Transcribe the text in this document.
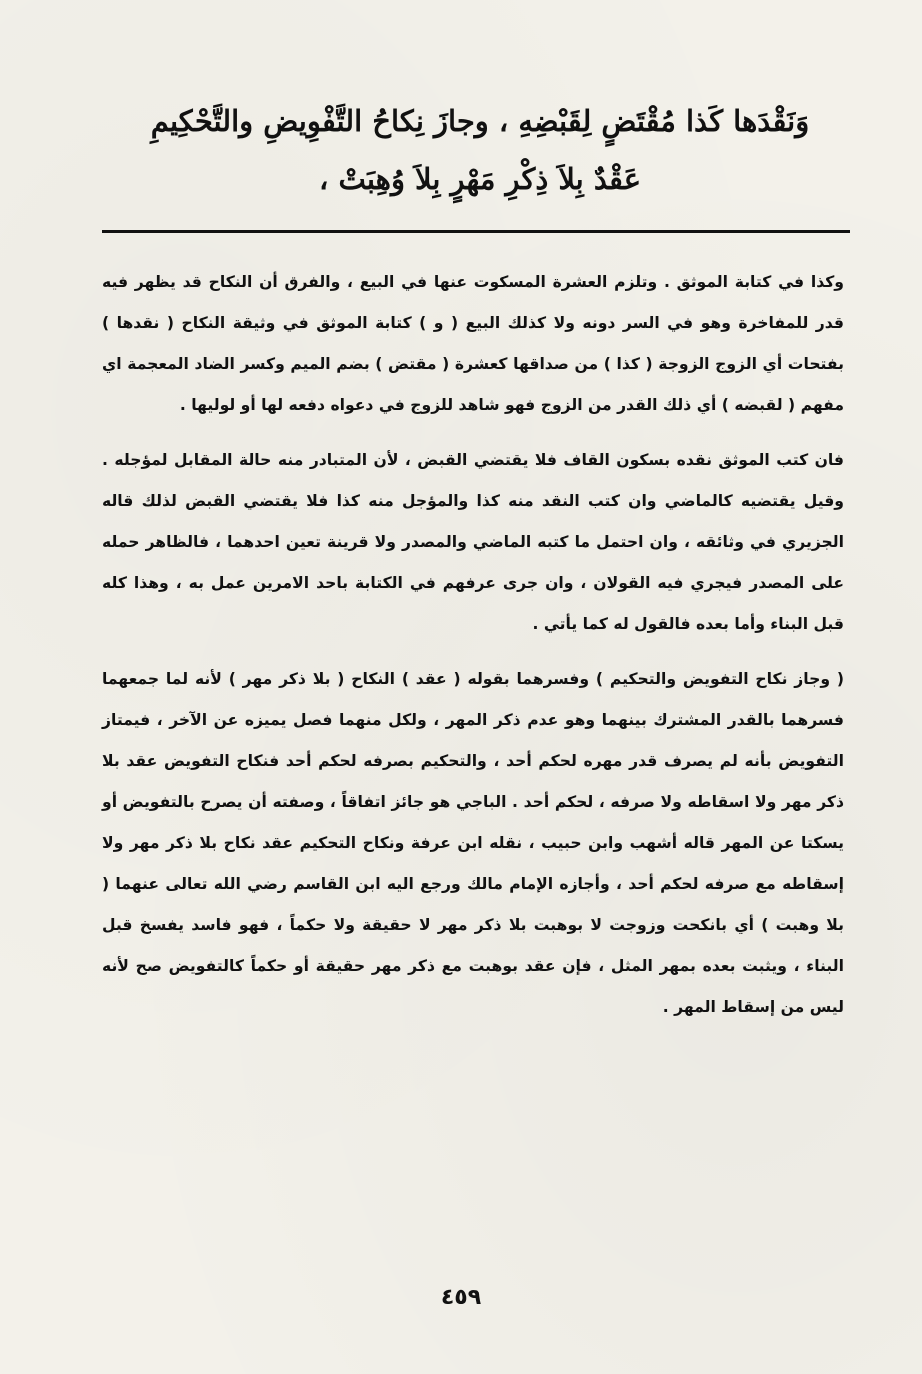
وَنَقْدَها كَذا مُقْتَضٍ لِقَبْضِهِ ، وجازَ نِكاحُ التَّفْوِيضِ والتَّحْكِيمِ
عَقْدٌ بِلاَ ذِكْرِ مَهْرٍ بِلاَ وُهِبَتْ ،

وكذا في كتابة الموثق . وتلزم العشرة المسكوت عنها في البيع ، والفرق أن النكاح قد يظهر فيه قدر للمفاخرة وهو في السر دونه ولا كذلك البيع ( و ) كتابة الموثق في وثيقة النكاح ( نقدها ) بفتحات أي الزوج الزوجة ( كذا ) من صداقها كعشرة ( مقتض ) بضم الميم وكسر الضاد المعجمة اي مفهم ( لقبضه ) أي ذلك القدر من الزوج فهو شاهد للزوج في دعواه دفعه لها أو لوليها .

فان كتب الموثق نقده بسكون القاف فلا يقتضي القبض ، لأن المتبادر منه حالة المقابل لمؤجله . وقيل يقتضيه كالماضي وان كتب النقد منه كذا والمؤجل منه كذا فلا يقتضي القبض لذلك قاله الجزيري في وثائقه ، وان احتمل ما كتبه الماضي والمصدر ولا قرينة تعين احدهما ، فالظاهر حمله على المصدر فيجري فيه القولان ، وان جرى عرفهم في الكتابة باحد الامرين عمل به ، وهذا كله قبل البناء وأما بعده فالقول له كما يأتي .

( وجاز نكاح التفويض والتحكيم ) وفسرهما بقوله ( عقد ) النكاح ( بلا ذكر مهر ) لأنه لما جمعهما فسرهما بالقدر المشترك بينهما وهو عدم ذكر المهر ، ولكل منهما فصل يميزه عن الآخر ، فيمتاز التفويض بأنه لم يصرف قدر مهره لحكم أحد ، والتحكيم بصرفه لحكم أحد فنكاح التفويض عقد بلا ذكر مهر ولا اسقاطه ولا صرفه ، لحكم أحد . الباجي هو جائز اتفاقاً ، وصفته أن يصرح بالتفويض أو يسكتا عن المهر قاله أشهب وابن حبيب ، نقله ابن عرفة ونكاح التحكيم عقد نكاح بلا ذكر مهر ولا إسقاطه مع صرفه لحكم أحد ، وأجازه الإمام مالك ورجع اليه ابن القاسم رضي الله تعالى عنهما ( بلا وهبت ) أي بانكحت وزوجت لا بوهبت بلا ذكر مهر لا حقيقة ولا حكماً ، فهو فاسد يفسخ قبل البناء ، ويثبت بعده بمهر المثل ، فإن عقد بوهبت مع ذكر مهر حقيقة أو حكماً كالتفويض صح لأنه ليس من إسقاط المهر .

٤٥٩
